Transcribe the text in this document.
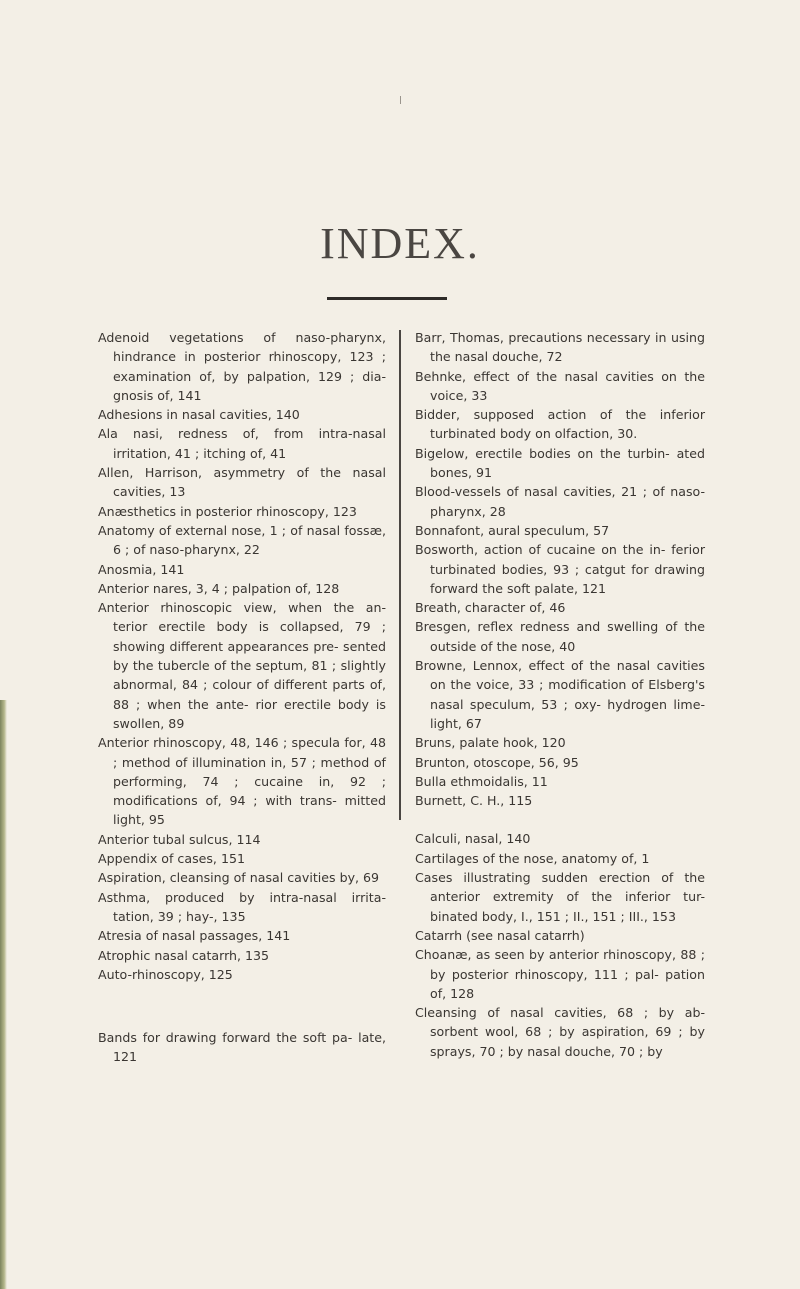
INDEX.

Adenoid vegetations of naso-pharynx, hindrance in posterior rhinoscopy, 123 ; examination of, by palpation, 129 ; dia- gnosis of, 141

Adhesions in nasal cavities, 140

Ala nasi, redness of, from intra-nasal irritation, 41 ; itching of, 41

Allen, Harrison, asymmetry of the nasal cavities, 13

Anæsthetics in posterior rhinoscopy, 123

Anatomy of external nose, 1 ; of nasal fossæ, 6 ; of naso-pharynx, 22

Anosmia, 141

Anterior nares, 3, 4 ; palpation of, 128

Anterior rhinoscopic view, when the an- terior erectile body is collapsed, 79 ; showing different appearances pre- sented by the tubercle of the septum, 81 ; slightly abnormal, 84 ; colour of different parts of, 88 ; when the ante- rior erectile body is swollen, 89

Anterior rhinoscopy, 48, 146 ; specula for, 48 ; method of illumination in, 57 ; method of performing, 74 ; cucaine in, 92 ; modifications of, 94 ; with trans- mitted light, 95

Anterior tubal sulcus, 114

Appendix of cases, 151

Aspiration, cleansing of nasal cavities by, 69

Asthma, produced by intra-nasal irrita- tation, 39 ; hay-, 135

Atresia of nasal passages, 141

Atrophic nasal catarrh, 135

Auto-rhinoscopy, 125

Bands for drawing forward the soft pa- late, 121

Barr, Thomas, precautions necessary in using the nasal douche, 72

Behnke, effect of the nasal cavities on the voice, 33

Bidder, supposed action of the inferior turbinated body on olfaction, 30.

Bigelow, erectile bodies on the turbin- ated bones, 91

Blood-vessels of nasal cavities, 21 ; of naso-pharynx, 28

Bonnafont, aural speculum, 57

Bosworth, action of cucaine on the in- ferior turbinated bodies, 93 ; catgut for drawing forward the soft palate, 121

Breath, character of, 46

Bresgen, reflex redness and swelling of the outside of the nose, 40

Browne, Lennox, effect of the nasal cavities on the voice, 33 ; modification of Elsberg's nasal speculum, 53 ; oxy- hydrogen lime-light, 67

Bruns, palate hook, 120

Brunton, otoscope, 56, 95

Bulla ethmoidalis, 11

Burnett, C. H., 115

Calculi, nasal, 140

Cartilages of the nose, anatomy of, 1

Cases illustrating sudden erection of the anterior extremity of the inferior tur- binated body, I., 151 ; II., 151 ; III., 153

Catarrh (see nasal catarrh)

Choanæ, as seen by anterior rhinoscopy, 88 ; by posterior rhinoscopy, 111 ; pal- pation of, 128

Cleansing of nasal cavities, 68 ; by ab- sorbent wool, 68 ; by aspiration, 69 ; by sprays, 70 ; by nasal douche, 70 ; by
